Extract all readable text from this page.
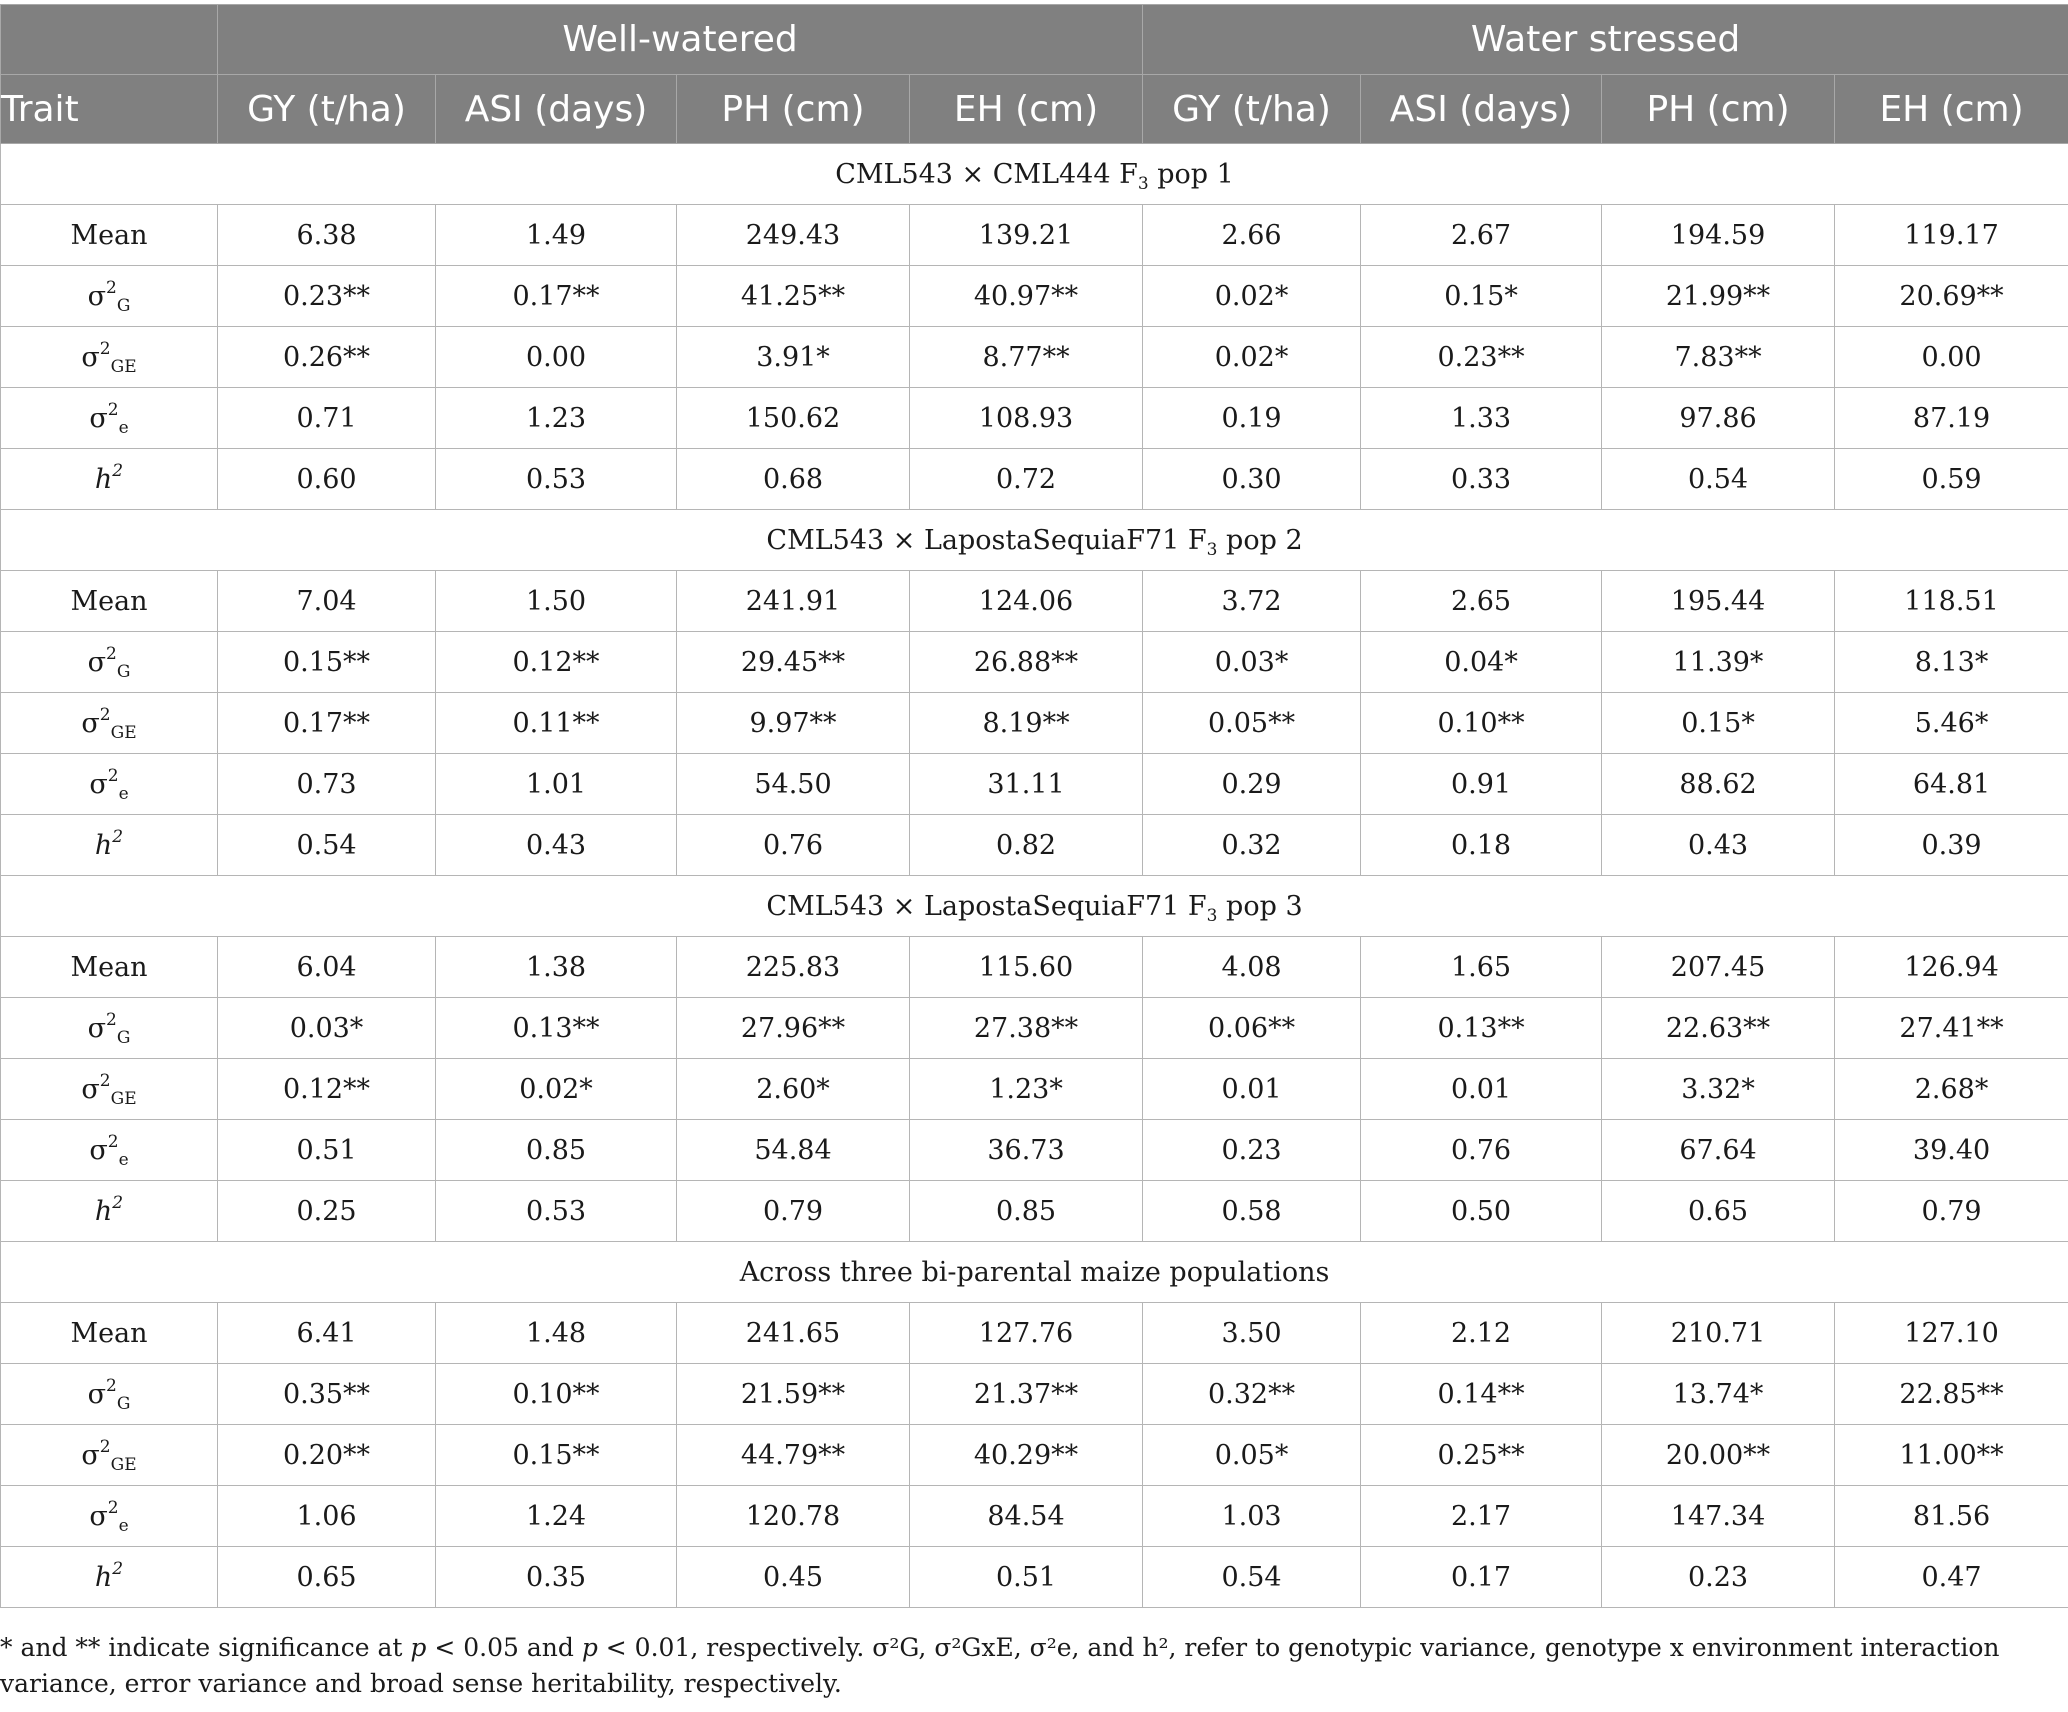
	Well-watered				Water stressed			
Trait	GY (t/ha)	ASI (days)	PH (cm)	EH (cm)	GY (t/ha)	ASI (days)	PH (cm)	EH (cm)
CML543 × CML444 $F_3$ pop 1								
Mean	6.38	1.49	249.43	139.21	2.66	2.67	194.59	119.17
$\sigma^2_G$	0.23**	0.17**	41.25**	40.97**	0.02*	0.15*	21.99**	20.69**
$\sigma^2_{GE}$	0.26**	0.00	3.91*	8.77**	0.02*	0.23**	7.83**	0.00
$\sigma^2_e$	0.71	1.23	150.62	108.93	0.19	1.33	97.86	87.19
$h^2$	0.60	0.53	0.68	0.72	0.30	0.33	0.54	0.59
CML543 × LapostaSequiaF71 $F_3$ pop 2								
Mean	7.04	1.50	241.91	124.06	3.72	2.65	195.44	118.51
$\sigma^2_G$	0.15**	0.12**	29.45**	26.88**	0.03*	0.04*	11.39*	8.13*
$\sigma^2_{GE}$	0.17**	0.11**	9.97**	8.19**	0.05**	0.10**	0.15*	5.46*
$\sigma^2_e$	0.73	1.01	54.50	31.11	0.29	0.91	88.62	64.81
$h^2$	0.54	0.43	0.76	0.82	0.32	0.18	0.43	0.39
CML543 × LapostaSequiaF71 $F_3$ pop 3								
Mean	6.04	1.38	225.83	115.60	4.08	1.65	207.45	126.94
$\sigma^2_G$	0.03*	0.13**	27.96**	27.38**	0.06**	0.13**	22.63**	27.41**
$\sigma^2_{GE}$	0.12**	0.02*	2.60*	1.23*	0.01	0.01	3.32*	2.68*
$\sigma^2_e$	0.51	0.85	54.84	36.73	0.23	0.76	67.64	39.40
$h^2$	0.25	0.53	0.79	0.85	0.58	0.50	0.65	0.79
Across three bi-parental maize populations								
Mean	6.41	1.48	241.65	127.76	3.50	2.12	210.71	127.10
$\sigma^2_G$	0.35**	0.10**	21.59**	21.37**	0.32**	0.14**	13.74*	22.85**
$\sigma^2_{GE}$	0.20**	0.15**	44.79**	40.29**	0.05*	0.25**	20.00**	11.00**
$\sigma^2_e$	1.06	1.24	120.78	84.54	1.03	2.17	147.34	81.56
$h^2$	0.65	0.35	0.45	0.51	0.54	0.17	0.23	0.47
* and ** indicate significance at p < 0.05 and p < 0.01, respectively. σ²G, σ²GxE, σ²e, and h², refer to genotypic variance, genotype x environment interaction variance, error variance and broad sense heritability, respectively.
